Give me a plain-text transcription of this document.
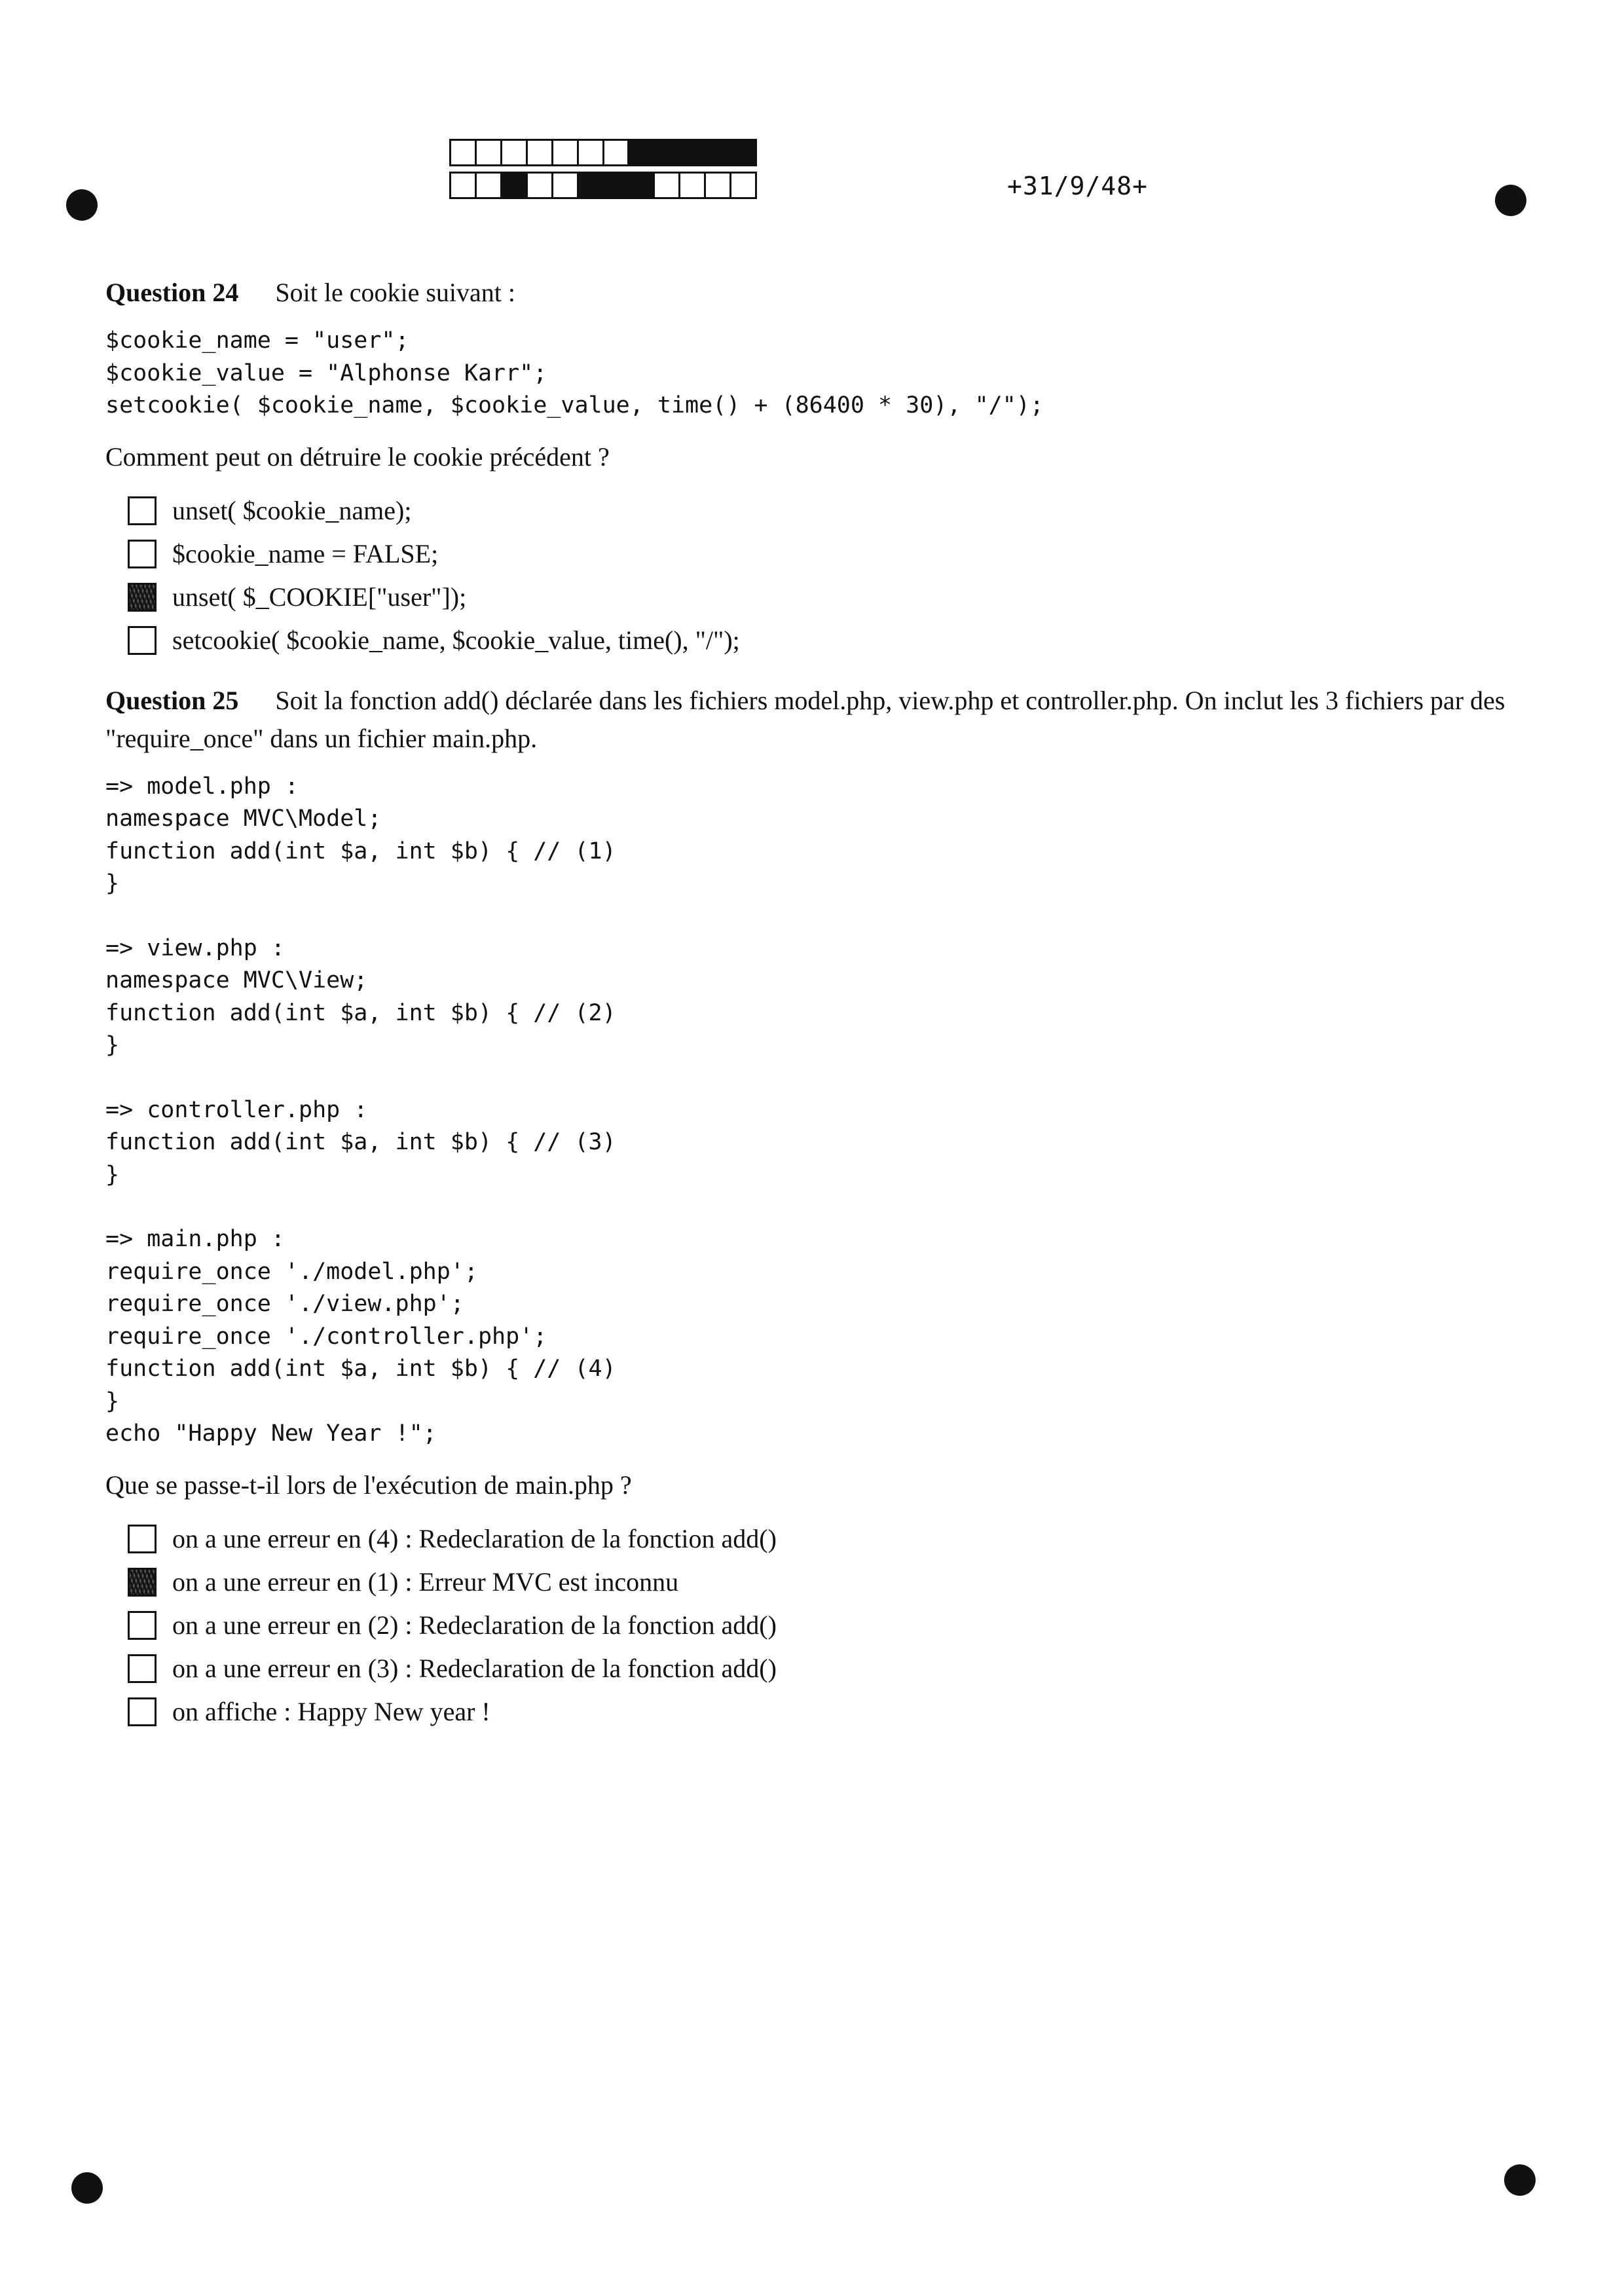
+31/9/48+

Question 24 Soit le cookie suivant :

$cookie_name = "user";
$cookie_value = "Alphonse Karr";
setcookie( $cookie_name, $cookie_value, time() + (86400 * 30), "/");

Comment peut on détruire le cookie précédent ?

unset( $cookie_name);
$cookie_name = FALSE;
unset( $_COOKIE["user"]);
setcookie( $cookie_name, $cookie_value, time(), "/");

Question 25 Soit la fonction add() déclarée dans les fichiers model.php, view.php et controller.php. On inclut les 3 fichiers par des "require_once" dans un fichier main.php.

=> model.php :
namespace MVC\Model;
function add(int $a, int $b) { // (1)
}
=> view.php :
namespace MVC\View;
function add(int $a, int $b) { // (2)
}
=> controller.php :
function add(int $a, int $b) { // (3)
}
=> main.php :
require_once './model.php';
require_once './view.php';
require_once './controller.php';
function add(int $a, int $b) { // (4)
}
echo "Happy New Year !";

Que se passe-t-il lors de l'exécution de main.php ?

on a une erreur en (4) : Redeclaration de la fonction add()
on a une erreur en (1) : Erreur MVC est inconnu
on a une erreur en (2) : Redeclaration de la fonction add()
on a une erreur en (3) : Redeclaration de la fonction add()
on affiche : Happy New year !
